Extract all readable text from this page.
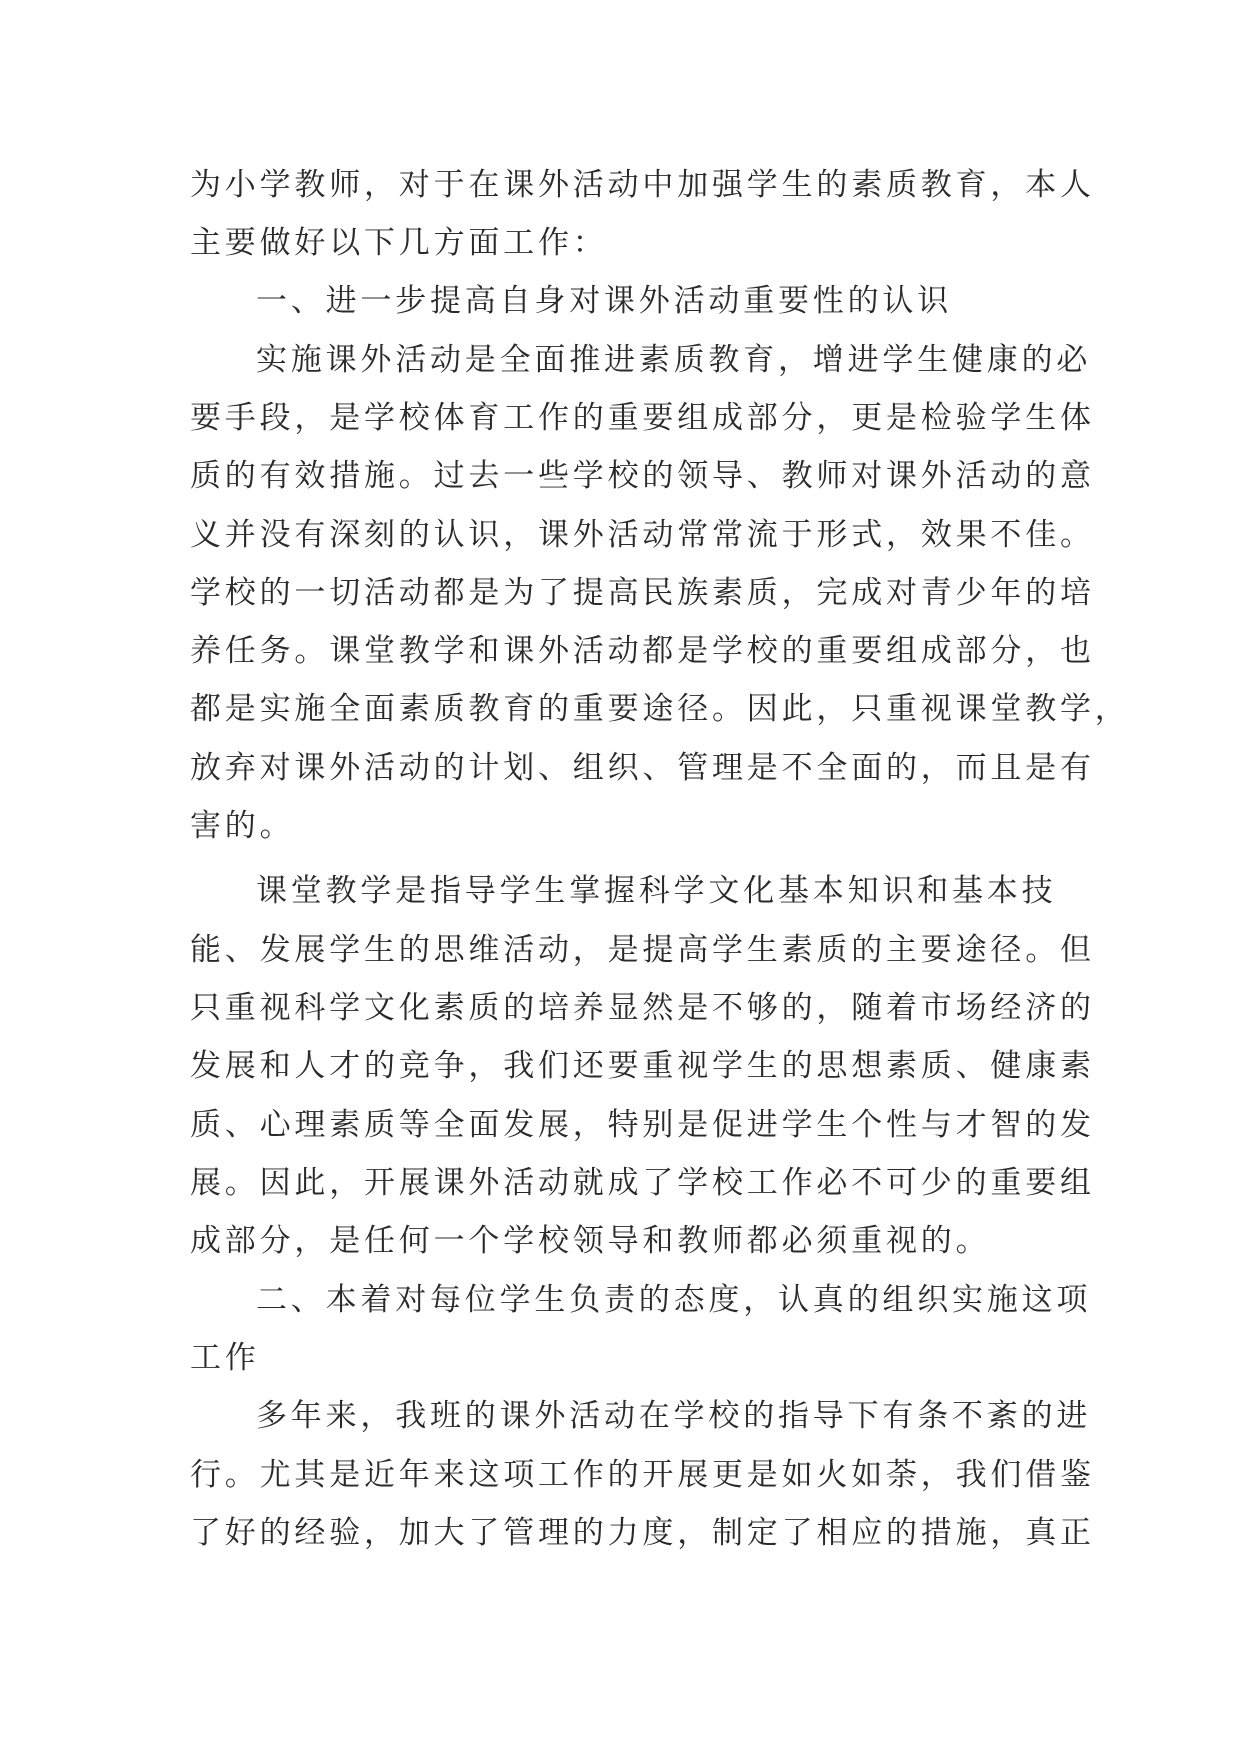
为小学教师，对于在课外活动中加强学生的素质教育，本人
主要做好以下几方面工作：
一、进一步提高自身对课外活动重要性的认识
实施课外活动是全面推进素质教育，增进学生健康的必
要手段，是学校体育工作的重要组成部分，更是检验学生体
质的有效措施。过去一些学校的领导、教师对课外活动的意
义并没有深刻的认识，课外活动常常流于形式，效果不佳。
学校的一切活动都是为了提高民族素质，完成对青少年的培
养任务。课堂教学和课外活动都是学校的重要组成部分，也
都是实施全面素质教育的重要途径。因此，只重视课堂教学，
放弃对课外活动的计划、组织、管理是不全面的，而且是有
害的。
课堂教学是指导学生掌握科学文化基本知识和基本技
能、发展学生的思维活动，是提高学生素质的主要途径。但
只重视科学文化素质的培养显然是不够的，随着市场经济的
发展和人才的竞争，我们还要重视学生的思想素质、健康素
质、心理素质等全面发展，特别是促进学生个性与才智的发
展。因此，开展课外活动就成了学校工作必不可少的重要组
成部分，是任何一个学校领导和教师都必须重视的。
二、本着对每位学生负责的态度，认真的组织实施这项
工作
多年来，我班的课外活动在学校的指导下有条不紊的进
行。尤其是近年来这项工作的开展更是如火如荼，我们借鉴
了好的经验，加大了管理的力度，制定了相应的措施，真正
